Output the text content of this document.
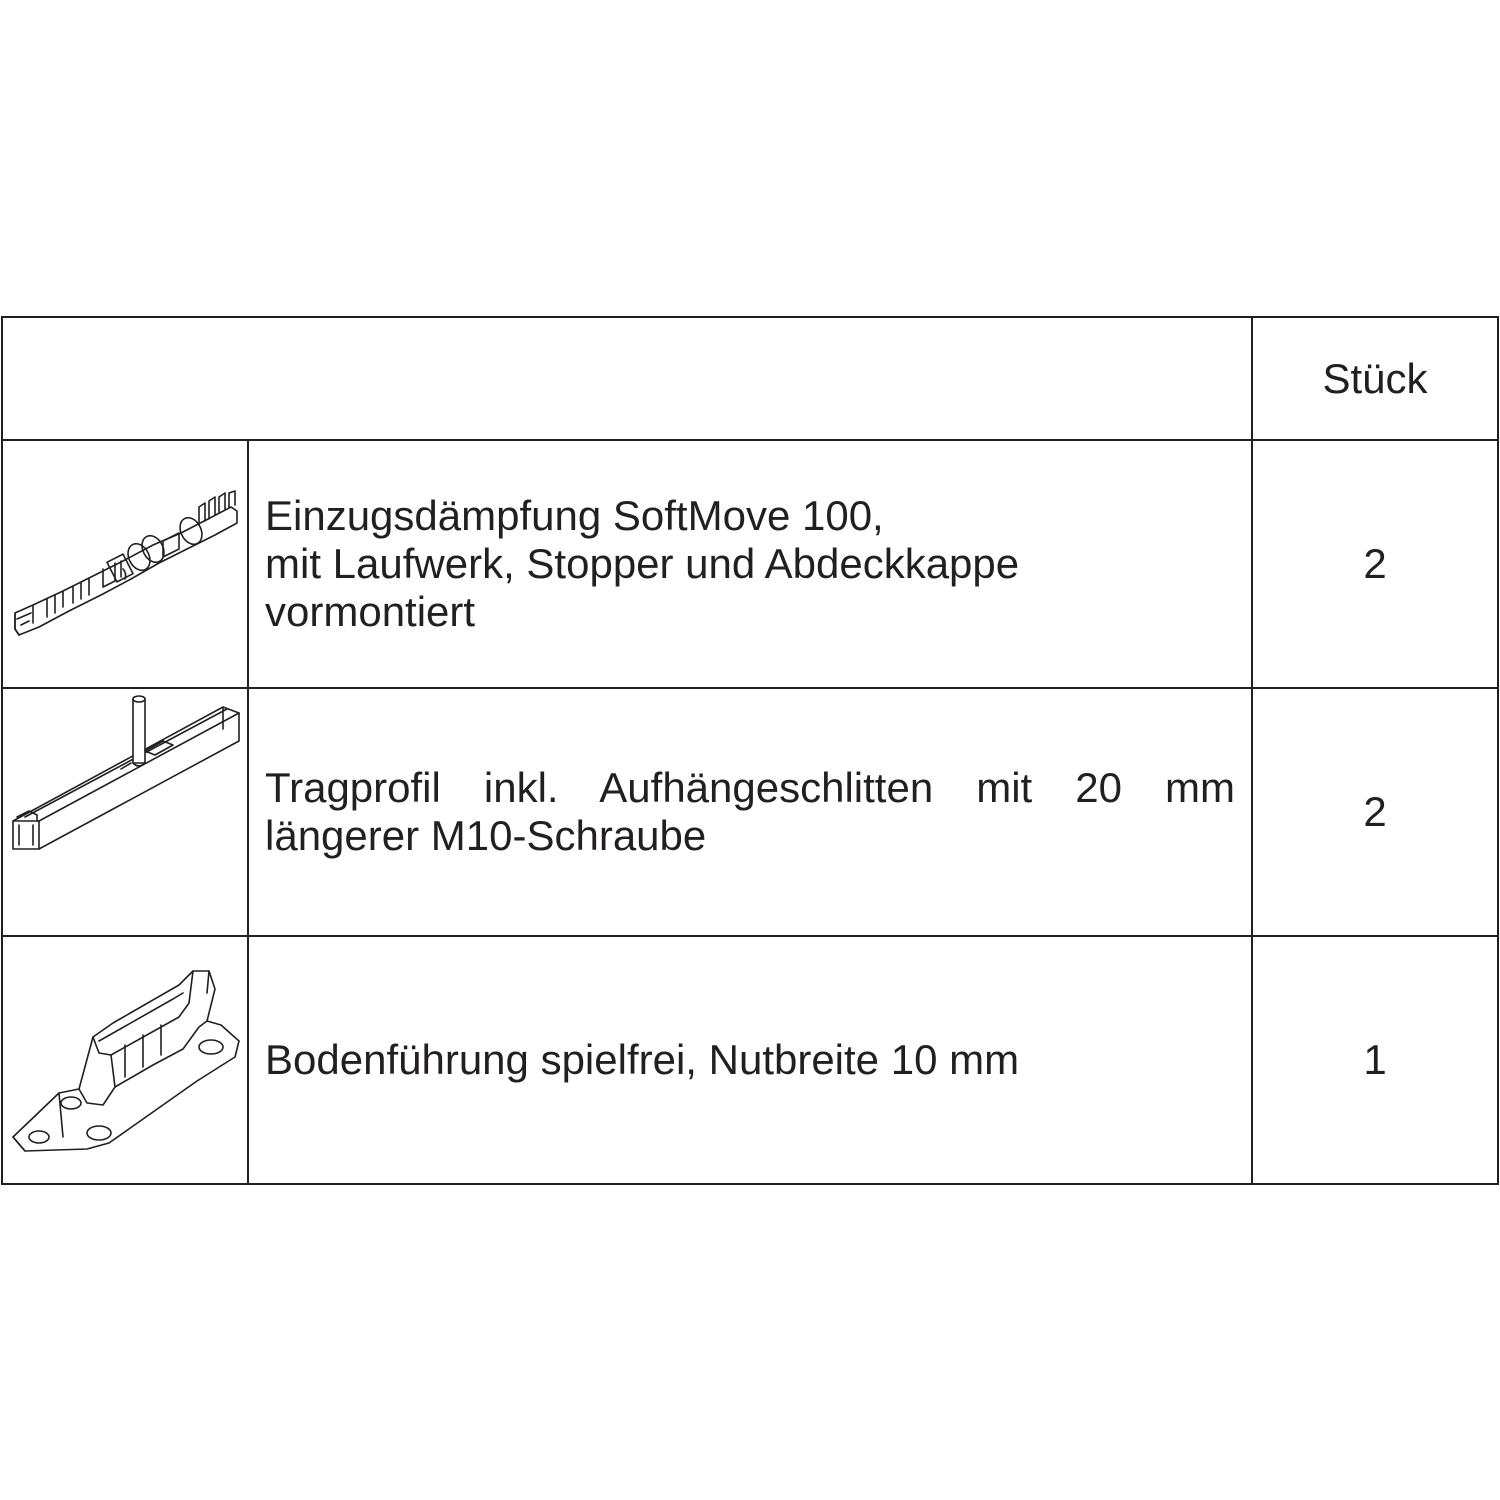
		Stück

Einzugsdämpfung SoftMove 100,
mit Laufwerk, Stopper und Abdeckkappe
vormontiert	2

Tragprofil inkl. Aufhängeschlitten mit 20 mm
längerer M10-Schraube	2

Bodenführung spielfrei, Nutbreite 10 mm	1
